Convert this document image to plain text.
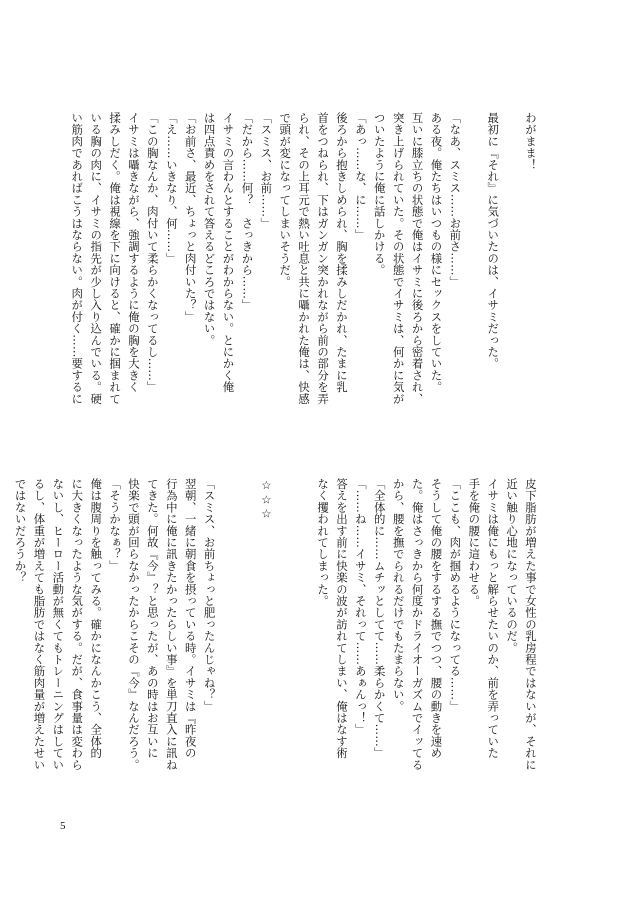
わがまま！

最初に『それ』に気づいたのは、イサミだった。

「なあ、スミス……お前さ……」
ある夜。俺たちはいつもの様にセックスをしていた。
互いに膝立ちの状態で俺はイサミに後ろから密着され、
突き上げられていた。その状態でイサミは、何かに気が
ついたように俺に話しかける。
「あっ……な、に……」
後ろから抱きしめられ、胸を揉みしだかれ、たまに乳
首をつねられ、下はガンガン突かれながら前の部分を弄
られ、その上耳元で熱い吐息と共に囁かれた俺は、快感
で頭が変になってしまいそうだ。
「スミス、お前……」
「だから……何？　さっきから……」
イサミの言わんとすることがわからない。とにかく俺
は四点責めをされて答えるどころではない。
「お前さ、最近、ちょっと肉付いた？」
「え……いきなり、何……」
「この胸なんか、肉付いて柔らかくなってるし……」
イサミは囁きながら、強調するように俺の胸を大きく
揉みしだく。俺は視線を下に向けると、確かに掴まれて
いる胸の肉に、イサミの指先が少し入り込んでいる。硬
い筋肉であればこうはならない。肉が付く……要するに
皮下脂肪が増えた事で女性の乳房程ではないが、それに
近い触り心地になっているのだ。
イサミは俺にもっと解らせたいのか、前を弄っていた
手を俺の腰に這わせる。
「ここも、肉が掴めるようになってる……」
そうして俺の腰をするする撫でつつ、腰の動きを速め
た。俺はさっきから何度かドライオーガズムでイッてる
から、腰を撫でられるだけでもたまらない。
「全体的に……ムチッとしてて……柔らかくて……」
「……ね……イサミ、それって……あぁんっ！」
答えを出す前に快楽の波が訪れてしまい、俺はなす術
なく攫われてしまった。

☆☆☆

「スミス、お前ちょっと肥ったんじゃね？」
翌朝、一緒に朝食を摂っている時。イサミは『昨夜の
行為中に俺に訊きたかったらしい事』を単刀直入に訊ね
てきた。何故『今』？と思ったが、あの時はお互いに
快楽で頭が回らなかったからこその『今』なんだろう。
「そうかなぁ？」
俺は腹周りを触ってみる。確かになんかこう、全体的
に大きくなったような気がする。だが、食事量は変わら
ないし、ヒーロー活動が無くてもトレーニングはしてい
るし、体重が増えても脂肪ではなく筋肉量が増えたせい
ではないだろうか？
5
